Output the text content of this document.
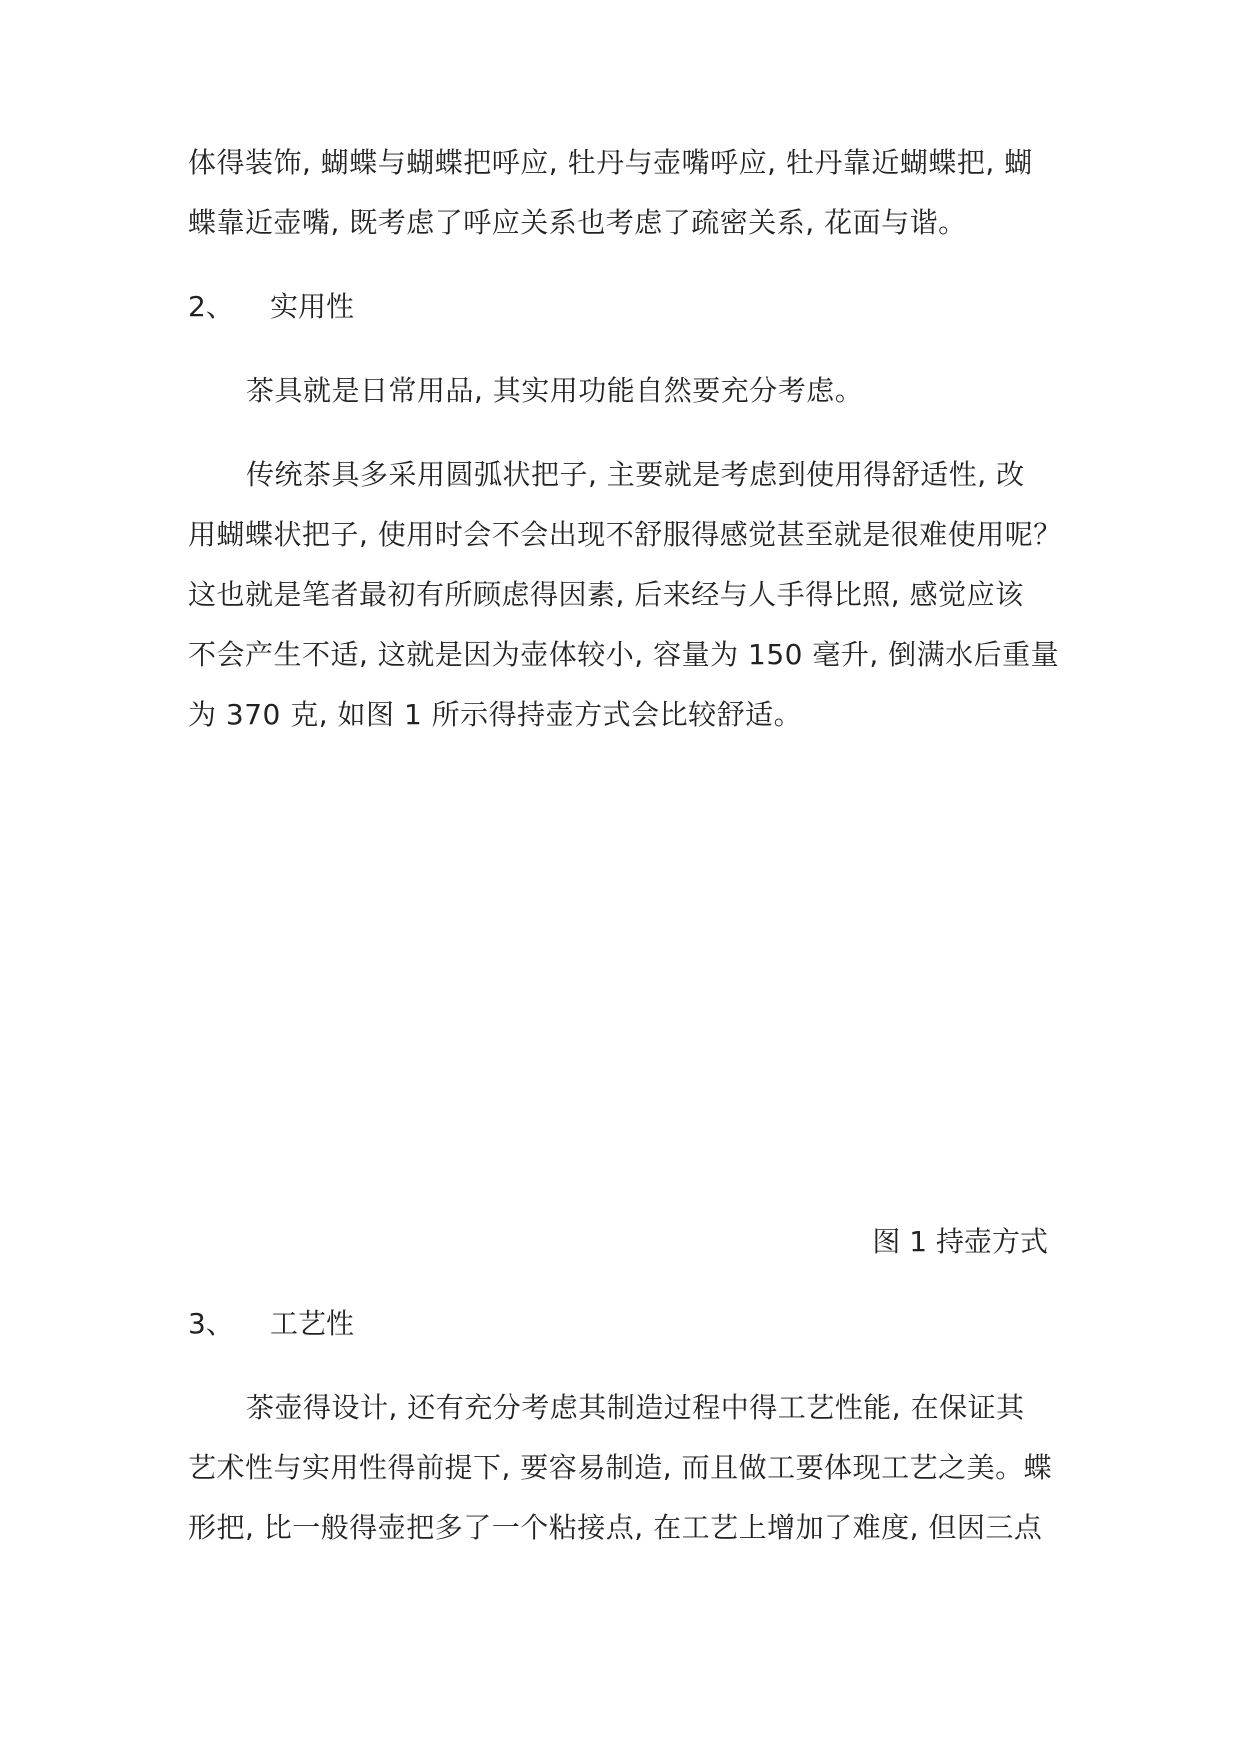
体得装饰, 蝴蝶与蝴蝶把呼应, 牡丹与壶嘴呼应, 牡丹靠近蝴蝶把, 蝴
蝶靠近壶嘴, 既考虑了呼应关系也考虑了疏密关系, 花面与谐。
2、 实用性
茶具就是日常用品, 其实用功能自然要充分考虑。
传统茶具多采用圆弧状把子, 主要就是考虑到使用得舒适性, 改
用蝴蝶状把子, 使用时会不会出现不舒服得感觉甚至就是很难使用呢？
这也就是笔者最初有所顾虑得因素, 后来经与人手得比照, 感觉应该
不会产生不适, 这就是因为壶体较小, 容量为 150 毫升, 倒满水后重量
为 370 克, 如图 1 所示得持壶方式会比较舒适。
图 1 持壶方式
3、 工艺性
茶壶得设计, 还有充分考虑其制造过程中得工艺性能, 在保证其
艺术性与实用性得前提下, 要容易制造, 而且做工要体现工艺之美。蝶
形把, 比一般得壶把多了一个粘接点, 在工艺上增加了难度, 但因三点
